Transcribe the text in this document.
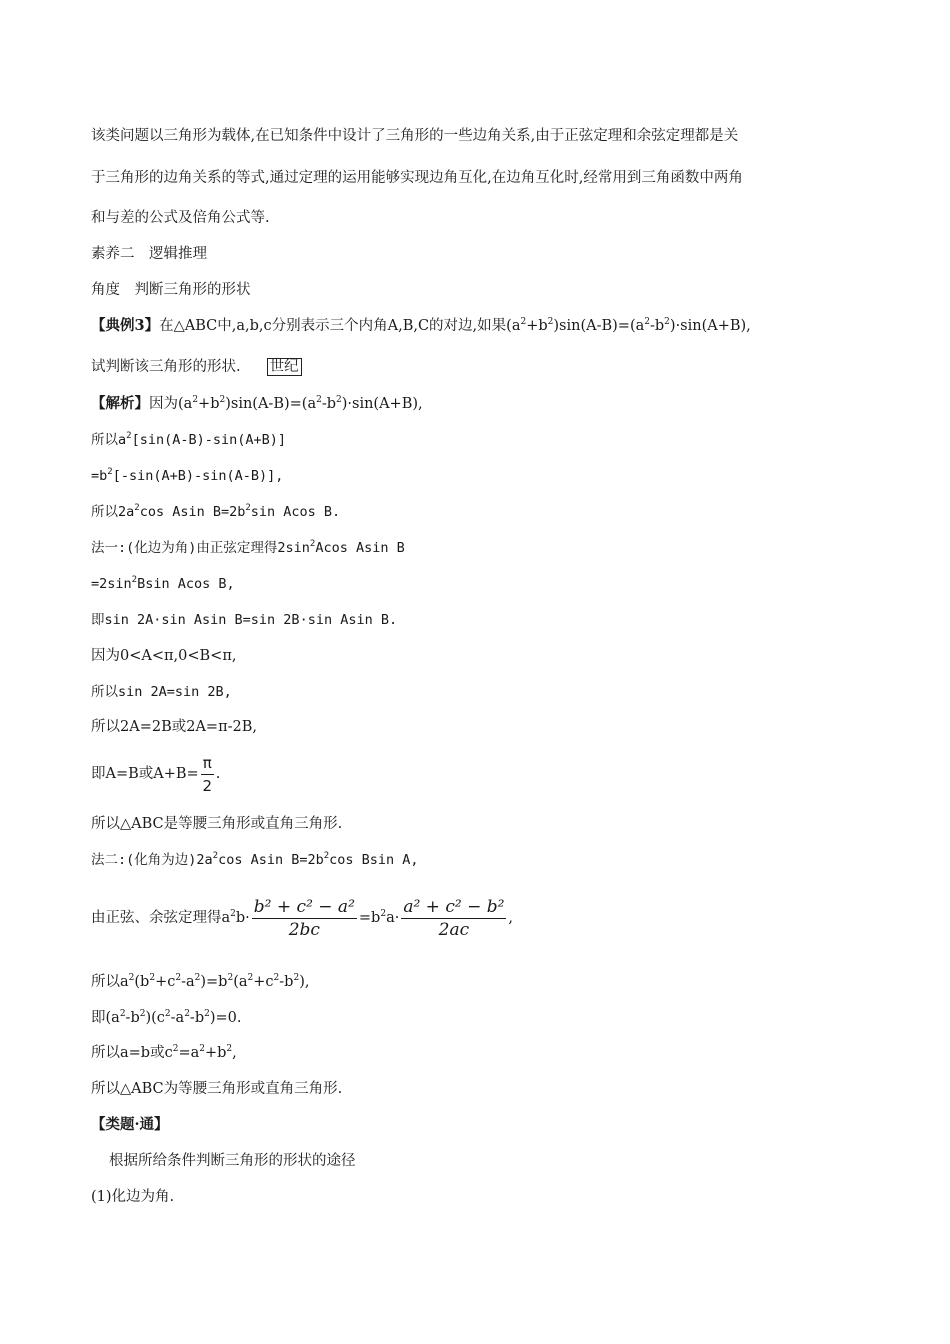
该类问题以三角形为载体,在已知条件中设计了三角形的一些边角关系,由于正弦定理和余弦定理都是关
于三角形的边角关系的等式,通过定理的运用能够实现边角互化,在边角互化时,经常用到三角函数中两角
和与差的公式及倍角公式等.
素养二　逻辑推理
角度　判断三角形的形状
【典例3】在△ABC中,a,b,c分别表示三个内角A,B,C的对边,如果$(a^2+b^2)\sin(A-B)=(a^2-b^2)\cdot\sin(A+B)$,
试判断该三角形的形状. 世纪
【解析】因为$(a^2+b^2)\sin(A-B)=(a^2-b^2)\cdot\sin(A+B)$,
所以$a^2[\sin(A-B)-\sin(A+B)]$
$=b^2[-\sin(A+B)-\sin(A-B)]$,
所以$2a^2\cos$ Asin $B=2b^2\sin$ Acos B.
法一:(化边为角)由正弦定理得$2\sin^2Acos$ Asin B
$=2\sin^2Bsin$ Acos B,
即sin 2A·sin Asin B=sin 2B·sin Asin B.
因为0<A<π,0<B<π,
所以sin 2A=sin 2B,
所以2A=2B或2A=π-2B,
即A=B或$A+B= \frac{\pi}{2}$ .
所以△ABC是等腰三角形或直角三角形.
法二:(化角为边)$2a^2\cos$ Asin $B=2b^2\cos$ Bsin A,
由正弦、余弦定理得$a^2b\cdot \frac{\text{b² + c² − a²}}{2bc} =b^2a\cdot \frac{\text{a² + c² − b²}}{2ac}$ ,
所以$a^2(b^2+c^2-a^2)=b^2(a^2+c^2-b^2)$,
即$(a^2-b^2)(c^2-a^2-b^2)=0$.
所以a=b或$c^2=a^2+b^2$,
所以△ABC为等腰三角形或直角三角形.
【类题·通】
根据所给条件判断三角形的形状的途径
(1)化边为角.
